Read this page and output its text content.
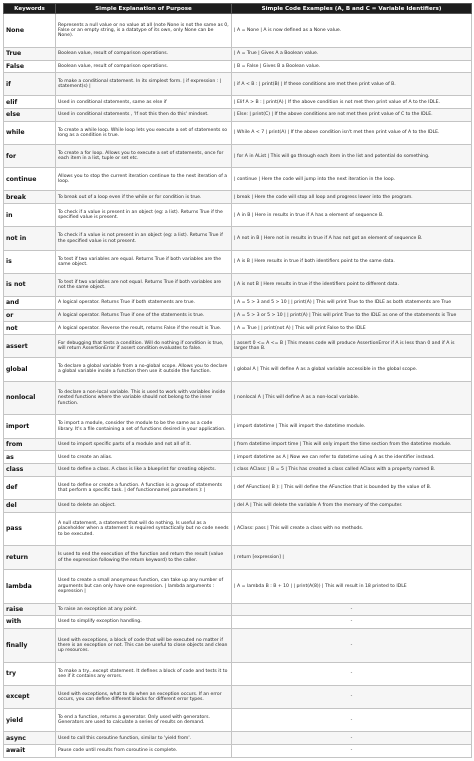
Keywords	Simple Explanation of Purpose	Simple Code Examples (A, B and C = Variable Identifiers)
None	Represents a null value or no value at all (note None is not the same as 0, False or an empty string, is a datatype of its own, only None can be None).	| A = None | A is now defined as a None value.
True	Boolean value, result of comparison operations.	| A = True | Gives A a Boolean value.
False	Boolean value, result of comparison operations.	| B = False | Gives B a Boolean value.
if	To make a conditional statement. In its simplest form. | if expression : | statement(s) |	| if A < B : | print(B) | If these conditions are met then print value of B.
elif	Used in conditional statements, same as else if	| Elif A > B : | print(A) | If the above condition is not met then print value of A to the IDLE.
else	Used in conditional statements , 'If not this then do this' mindset.	| Else: | print(C) | If the above conditions are not met then print value of C to the IDLE.
while	To create a while loop. While loop lets you execute a set of statements so long as a condition is true.	| While A < 7 | print(A) | If the above condition isn't met then print value of A to the IDLE.
for	To create a for loop. Allows you to execute a set of statements, once for each item in a list, tuple or set etc.	| for A in AList | This will go through each item in the list and potential do something.
continue	Allows you to stop the current iteration continue to the next iteration of a loop.	| continue | Here the code will jump into the next iteration in the loop.
break	To break out of a loop even if the while or for condition is true.	| break | Here the code will stop all loop and progress lower into the program.
in	To check if a value is present in an object (eg: a list). Returns True if the specified value is present.	| A in B | Here in results in true if A has a element of sequence B.
not in	To check if a value is not present in an object (eg: a list). Returns True if the specified value is not present.	| A not in B | Here not in results in true if A has not got an element of sequence B.
is	To test if two variables are equal. Returns True if both variables are the same object.	| A is B | Here results in true if both identifiers point to the same data.
is not	To test if two variables are not equal. Returns True if both variables are not the same object.	| A is not B | Here results in true if the identifiers point to different data.
and	A logical operator. Returns True if both statements are true.	| A = 5 > 3 and 5 > 10 | | print(A) | This will print True to the IDLE as both statements are True
or	A logical operator. Returns True if one of the statements is true.	| A = 5 > 3 or 5 > 10 | | print(A) | This will print True to the IDLE as one of the statements is True
not	A logical operator. Reverse the result, returns False if the result is True.	| A = True | | print(not A) | This will print False to the IDLE
assert	For debugging that tests a condition. Will do nothing if condition is true, will return AssertionError if assert condition evaluates to false.	| assert 0 <= A <= B | This means code will produce AssertionError if A is less than 0 and if A is larger than B.
global	To declare a global variable from a no-global scope. Allows you to declare a global variable inside a function then use it outside the function.	| global A | This will define A as a global variable accessible in the global scope.
nonlocal	To declare a non-local variable. This is used to work with variables inside nested functions where the variable should not belong to the inner function.	| nonlocal A | This will define A as a non-local variable.
import	To import a module, consider the module to be the same as a code library. It's a file containing a set of functions desired in your application.	| import datetime | This will import the datetime module.
from	Used to import specific parts of a module and not all of it.	| from datetime import time | This will only import the time section from the datetime module.
as	Used to create an alias.	| import datetime as A | Now we can refer to datetime using A as the identifier instead.
class	Used to define a class. A class is like a blueprint for creating objects.	| class AClass: | B = 5 | This has created a class called AClass with a property named B.
def	Used to define or create a function. A function is a group of statements that perform a specific task. | def functionname( parameters ): |	| def AFunction( B ): | This will define the AFunction that is bounded by the value of B.
del	Used to delete an object.	| del A | This will delete the variable A from the memory of the computer.
pass	A null statement, a statement that will do nothing. Is useful as a placeholder when a statement is required syntactically but no code needs to be executed.	| AClass: pass | This will create a class with no methods.
return	Is used to end the execution of the function and return the result (value of the expression following the return keyword) to the caller.	| return [expression] |
lambda	Used to create a small anonymous function, can take up any number of arguments but can only have one expression. | lambda arguments : expression |	| A = lambda B : B + 10 | | print(A(8)) | This will result in 18 printed to IDLE
raise	To raise an exception at any point.	-
with	Used to simplify exception handling.	-
finally	Used with exceptions, a block of code that will be executed no matter if there is an exception or not. This can be useful to close objects and clean up resources.	-
try	To make a try...except statement. It defines a block of code and tests it to see if it contains any errors.	-
except	Used with exceptions, what to do when an exception occurs. If an error occurs, you can define different blocks for different error types.	-
yield	To end a function, returns a generator. Only used with generators. Generators are used to calculate a series of results on demand.	-
async	Used to call this coroutine function, similar to 'yield from'.	-
await	Pause code until results from coroutine is complete.	-
